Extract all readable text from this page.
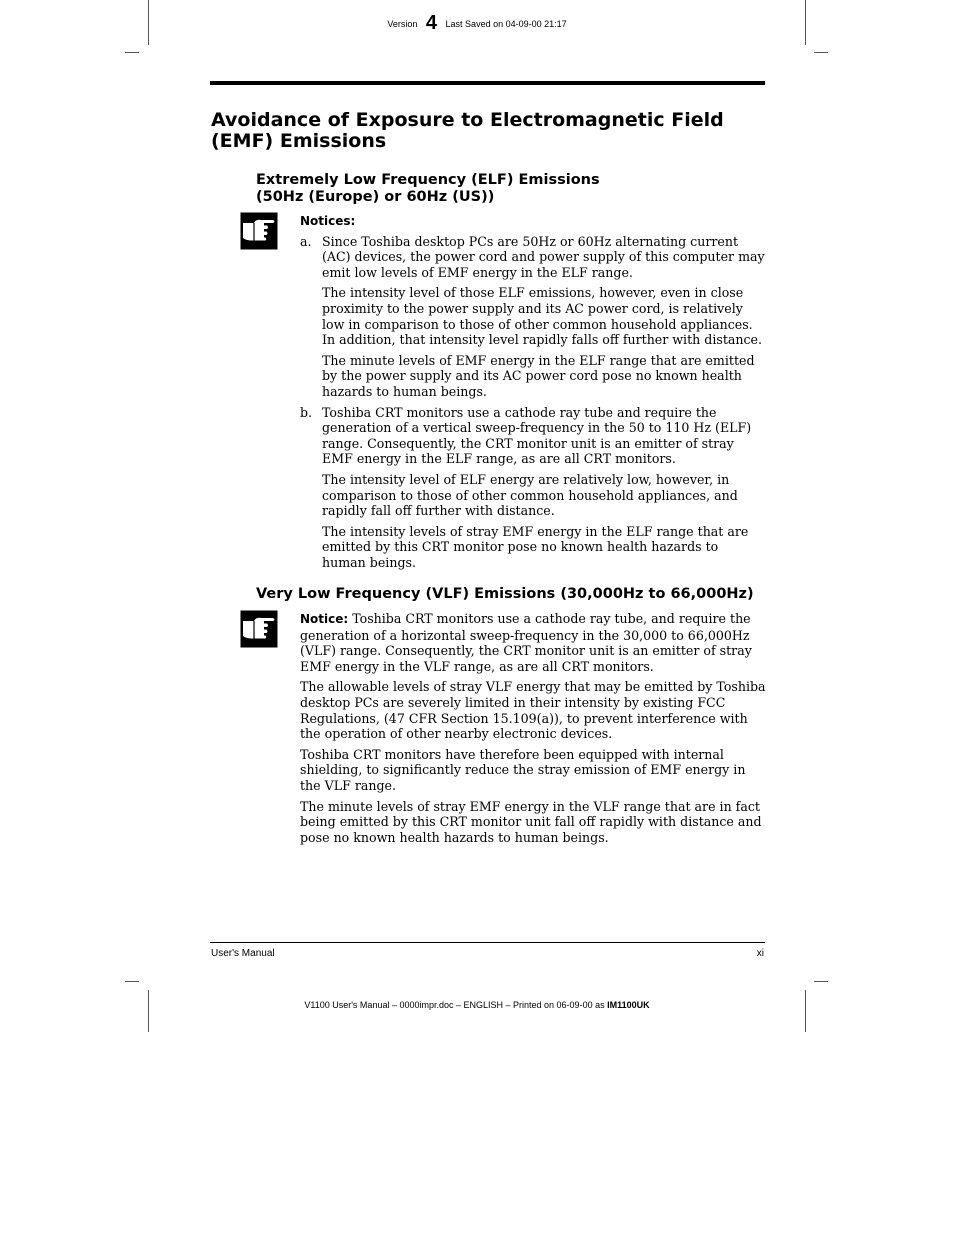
Version 4 Last Saved on 04-09-00 21:17
Avoidance of Exposure to Electromagnetic Field (EMF) Emissions
Extremely Low Frequency (ELF) Emissions
(50Hz (Europe) or 60Hz (US))
Notices:
a. Since Toshiba desktop PCs are 50Hz or 60Hz alternating current (AC) devices, the power cord and power supply of this computer may emit low levels of EMF energy in the ELF range.

The intensity level of those ELF emissions, however, even in close proximity to the power supply and its AC power cord, is relatively low in comparison to those of other common household appliances. In addition, that intensity level rapidly falls off further with distance.

The minute levels of EMF energy in the ELF range that are emitted by the power supply and its AC power cord pose no known health hazards to human beings.

b. Toshiba CRT monitors use a cathode ray tube and require the generation of a vertical sweep-frequency in the 50 to 110 Hz (ELF) range. Consequently, the CRT monitor unit is an emitter of stray EMF energy in the ELF range, as are all CRT monitors.

The intensity level of ELF energy are relatively low, however, in comparison to those of other common household appliances, and rapidly fall off further with distance.

The intensity levels of stray EMF energy in the ELF range that are emitted by this CRT monitor pose no known health hazards to human beings.

Very Low Frequency (VLF) Emissions (30,000Hz to 66,000Hz)

Notice: Toshiba CRT monitors use a cathode ray tube, and require the generation of a horizontal sweep-frequency in the 30,000 to 66,000Hz (VLF) range. Consequently, the CRT monitor unit is an emitter of stray EMF energy in the VLF range, as are all CRT monitors.

The allowable levels of stray VLF energy that may be emitted by Toshiba desktop PCs are severely limited in their intensity by existing FCC Regulations, (47 CFR Section 15.109(a)), to prevent interference with the operation of other nearby electronic devices.

Toshiba CRT monitors have therefore been equipped with internal shielding, to significantly reduce the stray emission of EMF energy in the VLF range.

The minute levels of stray EMF energy in the VLF range that are in fact being emitted by this CRT monitor unit fall off rapidly with distance and pose no known health hazards to human beings.

User's Manual	xi
V1100 User's Manual – 0000impr.doc – ENGLISH – Printed on 06-09-00 as IM1100UK
